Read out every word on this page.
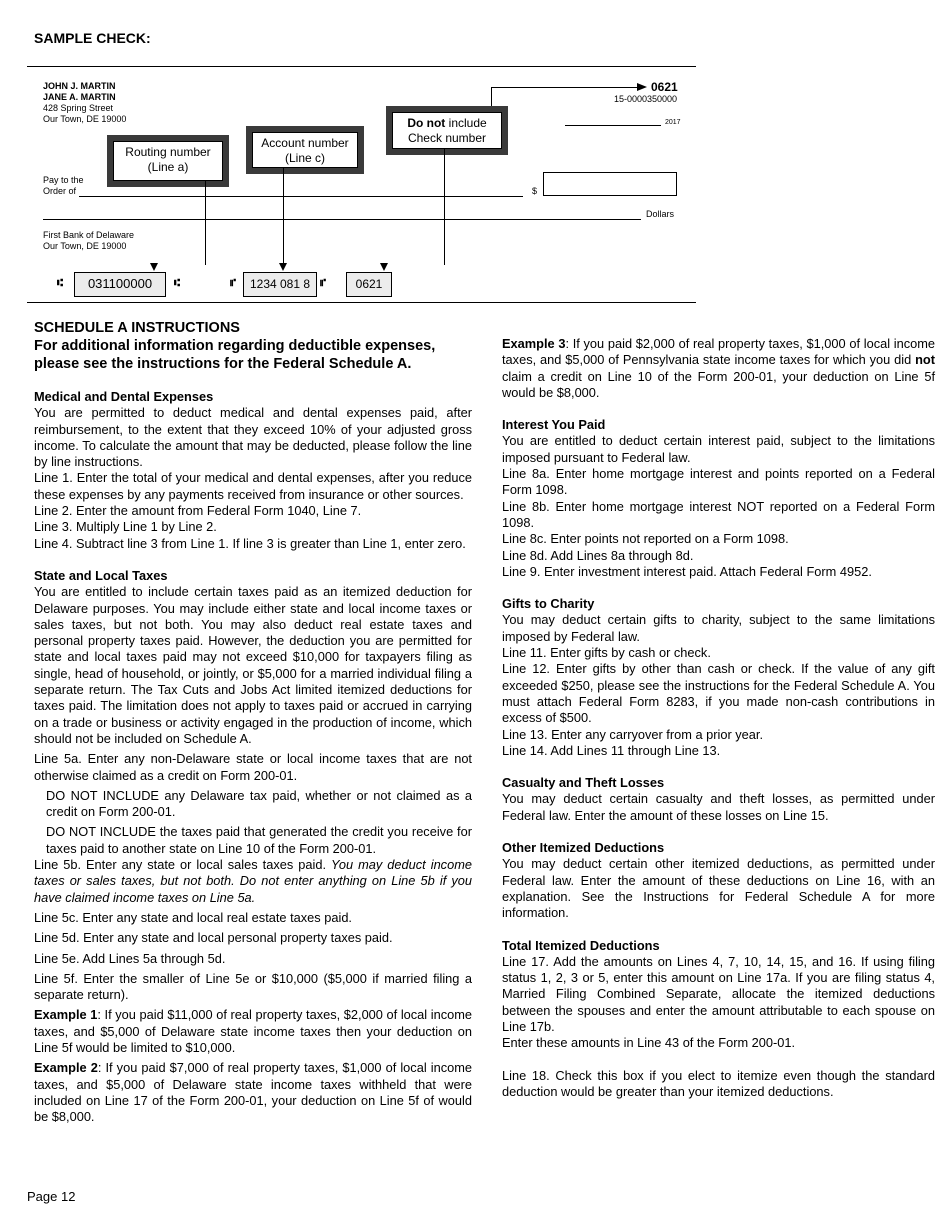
SAMPLE CHECK:
JOHN J. MARTIN
JANE A. MARTIN
428 Spring Street
Our Town, DE 19000
0621
15-0000350000
2017
Routing number
(Line a)
Account number
(Line c)
Do not include
Check number
Pay to the
Order of	$
Dollars
First Bank of Delaware
Our Town, DE 19000
⑆	031100000	⑆	⑈	1234 081 8 ⑈	0621
SCHEDULE A INSTRUCTIONS
For additional information regarding deductible expenses, please see the instructions for the Federal Schedule A.
Medical and Dental Expenses

You are permitted to deduct medical and dental expenses paid, after reimbursement, to the extent that they exceed 10% of your adjusted gross income. To calculate the amount that may be deducted, please follow the line by line instructions.

Line 1. Enter the total of your medical and dental expenses, after you reduce these expenses by any payments received from insurance or other sources.

Line 2. Enter the amount from Federal Form 1040, Line 7.

Line 3. Multiply Line 1 by Line 2.

Line 4. Subtract line 3 from Line 1. If line 3 is greater than Line 1, enter zero.

State and Local Taxes

You are entitled to include certain taxes paid as an itemized deduction for Delaware purposes. You may include either state and local income taxes or sales taxes, but not both. You may also deduct real estate taxes and personal property taxes paid. However, the deduction you are permitted for state and local taxes paid may not exceed $10,000 for taxpayers filing as single, head of household, or jointly, or $5,000 for a married individual filing a separate return. The Tax Cuts and Jobs Act limited itemized deductions for taxes paid. The limitation does not apply to taxes paid or accrued in carrying on a trade or business or activity engaged in the production of income, which should not be included on Schedule A.

Line 5a. Enter any non-Delaware state or local income taxes that are not otherwise claimed as a credit on Form 200-01.

DO NOT INCLUDE any Delaware tax paid, whether or not claimed as a credit on Form 200-01.

DO NOT INCLUDE the taxes paid that generated the credit you receive for taxes paid to another state on Line 10 of the Form 200-01.

Line 5b. Enter any state or local sales taxes paid. You may deduct income taxes or sales taxes, but not both. Do not enter anything on Line 5b if you have claimed income taxes on Line 5a.

Line 5c. Enter any state and local real estate taxes paid.

Line 5d. Enter any state and local personal property taxes paid.

Line 5e. Add Lines 5a through 5d.

Line 5f. Enter the smaller of Line 5e or $10,000 ($5,000 if married filing a separate return).

Example 1: If you paid $11,000 of real property taxes, $2,000 of local income taxes, and $5,000 of Delaware state income taxes then your deduction on Line 5f would be limited to $10,000.

Example 2: If you paid $7,000 of real property taxes, $1,000 of local income taxes, and $5,000 of Delaware state income taxes withheld that were included on Line 17 of the Form 200-01, your deduction on Line 5f of would be $8,000.

Example 3: If you paid $2,000 of real property taxes, $1,000 of local income taxes, and $5,000 of Pennsylvania state income taxes for which you did not claim a credit on Line 10 of the Form 200-01, your deduction on Line 5f would be $8,000.

Interest You Paid

You are entitled to deduct certain interest paid, subject to the limitations imposed pursuant to Federal law.

Line 8a. Enter home mortgage interest and points reported on a Federal Form 1098.

Line 8b. Enter home mortgage interest NOT reported on a Federal Form 1098.

Line 8c. Enter points not reported on a Form 1098.

Line 8d. Add Lines 8a through 8d.

Line 9. Enter investment interest paid. Attach Federal Form 4952.

Gifts to Charity

You may deduct certain gifts to charity, subject to the same limitations imposed by Federal law.

Line 11. Enter gifts by cash or check.

Line 12. Enter gifts by other than cash or check. If the value of any gift exceeded $250, please see the instructions for the Federal Schedule A. You must attach Federal Form 8283, if you made non-cash contributions in excess of $500.

Line 13. Enter any carryover from a prior year.

Line 14. Add Lines 11 through Line 13.

Casualty and Theft Losses

You may deduct certain casualty and theft losses, as permitted under Federal law. Enter the amount of these losses on Line 15.

Other Itemized Deductions

You may deduct certain other itemized deductions, as permitted under Federal law. Enter the amount of these deductions on Line 16, with an explanation. See the Instructions for Federal Schedule A for more information.

Total Itemized Deductions

Line 17. Add the amounts on Lines 4, 7, 10, 14, 15, and 16. If using filing status 1, 2, 3 or 5, enter this amount on Line 17a. If you are filing status 4, Married Filing Combined Separate, allocate the itemized deductions between the spouses and enter the amount attributable to each spouse on Line 17b.

Enter these amounts in Line 43 of the Form 200-01.

Line 18. Check this box if you elect to itemize even though the standard deduction would be greater than your itemized deductions.

Page 12
